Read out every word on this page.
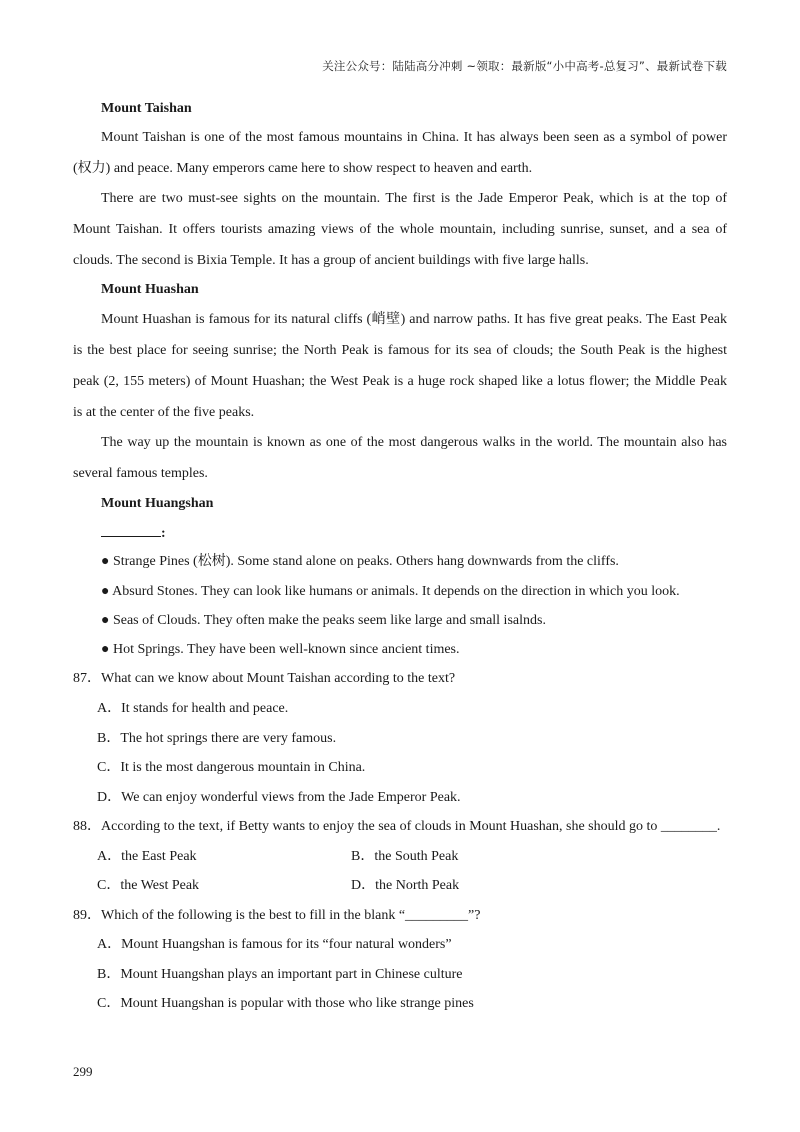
关注公众号：陆陆高分冲刺 ~领取：最新版“小中高考-总复习”、最新试卷下载
Mount Taishan
Mount Taishan is one of the most famous mountains in China. It has always been seen as a symbol of power
(权力) and peace. Many emperors came here to show respect to heaven and earth.
There are two must-see sights on the mountain. The first is the Jade Emperor Peak, which is at the top of
Mount Taishan. It offers tourists amazing views of the whole mountain, including sunrise, sunset, and a sea of
clouds. The second is Bixia Temple. It has a group of ancient buildings with five large halls.
Mount Huashan
Mount Huashan is famous for its natural cliffs (峭壁) and narrow paths. It has five great peaks. The East Peak
is the best place for seeing sunrise; the North Peak is famous for its sea of clouds; the South Peak is the highest
peak (2, 155 meters) of Mount Huashan; the West Peak is a huge rock shaped like a lotus flower; the Middle Peak
is at the center of the five peaks.
The way up the mountain is known as one of the most dangerous walks in the world. The mountain also has
several famous temples.
Mount Huangshan
:
● Strange Pines (松树). Some stand alone on peaks. Others hang downwards from the cliffs.
● Absurd Stones. They can look like humans or animals. It depends on the direction in which you look.
● Seas of Clouds. They often make the peaks seem like large and small isalnds.
● Hot Springs. They have been well-known since ancient times.
87．What can we know about Mount Taishan according to the text?
A．It stands for health and peace.
B．The hot springs there are very famous.
C．It is the most dangerous mountain in China.
D．We can enjoy wonderful views from the Jade Emperor Peak.
88．According to the text, if Betty wants to enjoy the sea of clouds in Mount Huashan, she should go to ________.
A．the East Peak	B．the South Peak
C．the West Peak	D．the North Peak
89．Which of the following is the best to fill in the blank “_________”?
A．Mount Huangshan is famous for its “four natural wonders”
B．Mount Huangshan plays an important part in Chinese culture
C．Mount Huangshan is popular with those who like strange pines
299
